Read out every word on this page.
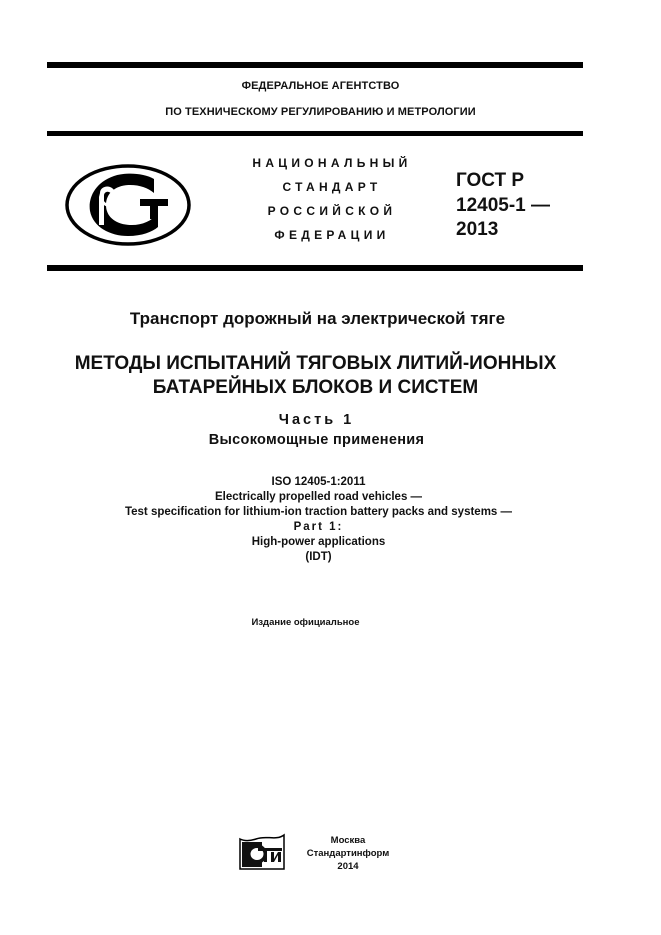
ФЕДЕРАЛЬНОЕ АГЕНТСТВО
ПО ТЕХНИЧЕСКОМУ РЕГУЛИРОВАНИЮ И МЕТРОЛОГИИ
НАЦИОНАЛЬНЫЙ
СТАНДАРТ
РОССИЙСКОЙ
ФЕДЕРАЦИИ
ГОСТ Р
12405-1 —
2013
Транспорт дорожный на электрической тяге
МЕТОДЫ ИСПЫТАНИЙ ТЯГОВЫХ ЛИТИЙ-ИОННЫХ
БАТАРЕЙНЫХ БЛОКОВ И СИСТЕМ
Часть 1
Высокомощные применения
ISO 12405-1:2011
Electrically propelled road vehicles —
Test specification for lithium-ion traction battery packs and systems —
Part 1:
High-power applications
(IDT)
Издание официальное
Москва
Стандартинформ
2014
